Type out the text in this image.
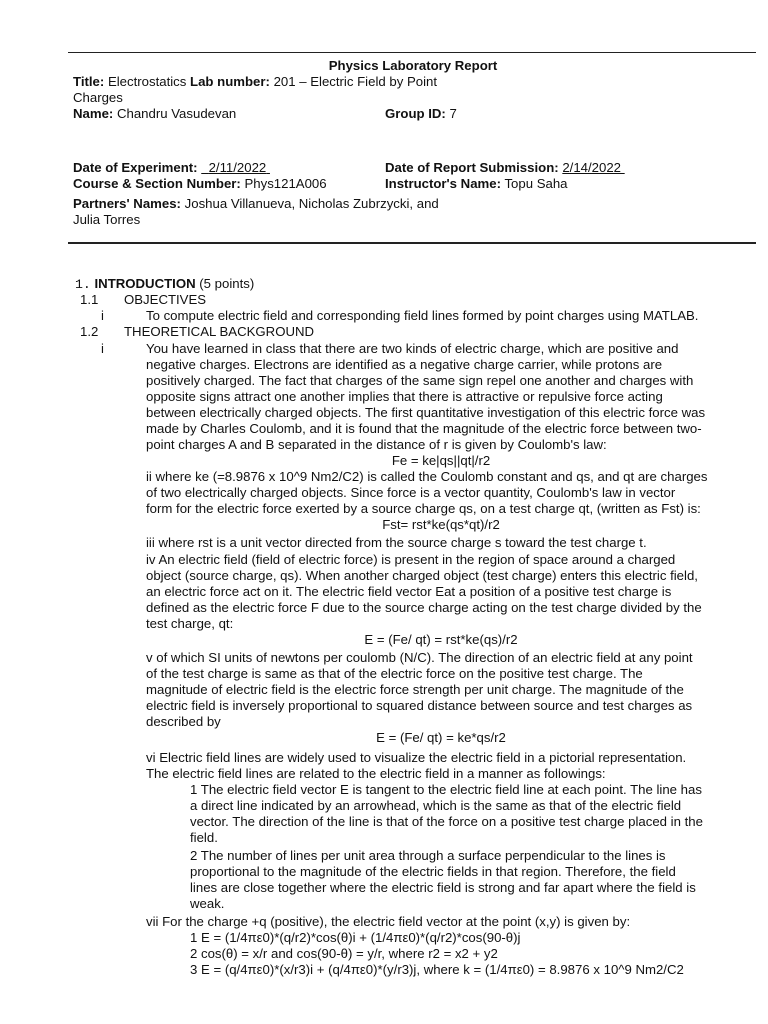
Physics Laboratory Report
Title: Electrostatics Lab number: 201 – Electric Field by Point
Charges
Name: Chandru Vasudevan	Group ID: 7
Date of Experiment: 2/11/2022	Date of Report Submission: 2/14/2022
Course & Section Number: Phys121A006	Instructor's Name: Topu Saha
Partners' Names: Joshua Villanueva, Nicholas Zubrzycki, and
Julia Torres
1. INTRODUCTION (5 points)
1.1 OBJECTIVES
i	To compute electric field and corresponding field lines formed by point charges using MATLAB.
1.2 THEORETICAL BACKGROUND
i	You have learned in class that there are two kinds of electric charge, which are positive and
negative charges. Electrons are identified as a negative charge carrier, while protons are
positively charged. The fact that charges of the same sign repel one another and charges with
opposite signs attract one another implies that there is attractive or repulsive force acting
between electrically charged objects. The first quantitative investigation of this electric force was
made by Charles Coulomb, and it is found that the magnitude of the electric force between two-
point charges A and B separated in the distance of r is given by Coulomb's law:
Fe = ke|qs||qt|/r2
ii where ke (=8.9876 x 10^9 Nm2/C2) is called the Coulomb constant and qs, and qt are charges
of two electrically charged objects. Since force is a vector quantity, Coulomb's law in vector
form for the electric force exerted by a source charge qs, on a test charge qt, (written as Fst) is:
Fst= rst*ke(qs*qt)/r2
iii where rst is a unit vector directed from the source charge s toward the test charge t.
iv An electric field (field of electric force) is present in the region of space around a charged
object (source charge, qs). When another charged object (test charge) enters this electric field,
an electric force act on it. The electric field vector Eat a position of a positive test charge is
defined as the electric force F due to the source charge acting on the test charge divided by the
test charge, qt:
E = (Fe/ qt) = rst*ke(qs)/r2
v of which SI units of newtons per coulomb (N/C). The direction of an electric field at any point
of the test charge is same as that of the electric force on the positive test charge. The
magnitude of electric field is the electric force strength per unit charge. The magnitude of the
electric field is inversely proportional to squared distance between source and test charges as
described by
E = (Fe/ qt) = ke*qs/r2
vi Electric field lines are widely used to visualize the electric field in a pictorial representation.
The electric field lines are related to the electric field in a manner as followings:
1 The electric field vector E is tangent to the electric field line at each point. The line has
a direct line indicated by an arrowhead, which is the same as that of the electric field
vector. The direction of the line is that of the force on a positive test charge placed in the
field.
2 The number of lines per unit area through a surface perpendicular to the lines is
proportional to the magnitude of the electric fields in that region. Therefore, the field
lines are close together where the electric field is strong and far apart where the field is
weak.
vii For the charge +q (positive), the electric field vector at the point (x,y) is given by:
1 E = (1/4πε0)*(q/r2)*cos(θ)i + (1/4πε0)*(q/r2)*cos(90-θ)j
2 cos(θ) = x/r and cos(90-θ) = y/r, where r2 = x2 + y2
3 E = (q/4πε0)*(x/r3)i + (q/4πε0)*(y/r3)j, where k = (1/4πε0) = 8.9876 x 10^9 Nm2/C2
